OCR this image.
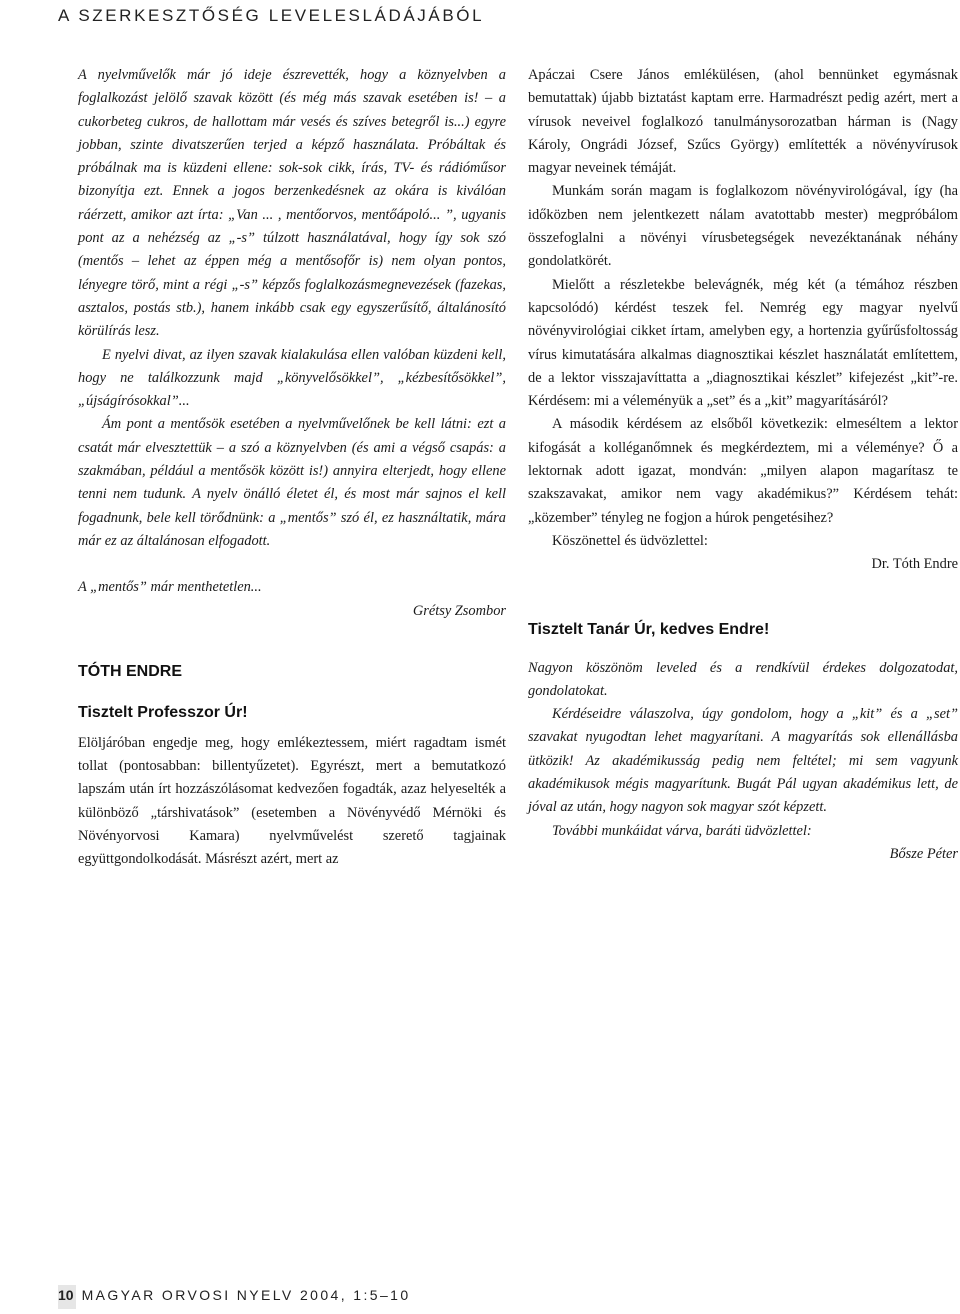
A SZERKESZTŐSÉG LEVELESLÁDÁJÁBÓL

A nyelvművelők már jó ideje észrevették, hogy a köznyelvben a foglalkozást jelölő szavak között (és még más szavak esetében is! – a cukorbeteg cukros, de hallottam már vesés és szíves betegről is...) egyre jobban, szinte divatszerűen terjed a képző használata. Próbáltak és próbálnak ma is küzdeni ellene: sok-sok cikk, írás, TV- és rádióműsor bizonyítja ezt. Ennek a jogos berzenkedésnek az okára is kiválóan ráérzett, amikor azt írta: „Van ... , mentőorvos, mentőápoló... ”, ugyanis pont az a nehézség az „-s” túlzott használatával, hogy így sok szó (mentős – lehet az éppen még a mentősofőr is) nem olyan pontos, lényegre törő, mint a régi „-s” képzős foglalkozásmegnevezések (fazekas, asztalos, postás stb.), hanem inkább csak egy egyszerűsítő, általánosító körülírás lesz.

E nyelvi divat, az ilyen szavak kialakulása ellen valóban küzdeni kell, hogy ne találkozzunk majd „könyvelősökkel”, „kézbesítősökkel”, „újságírósokkal”...

Ám pont a mentősök esetében a nyelvművelőnek be kell látni: ezt a csatát már elvesztettük – a szó a köznyelvben (és ami a végső csapás: a szakmában, például a mentősök között is!) annyira elterjedt, hogy ellene tenni nem tudunk. A nyelv önálló életet él, és most már sajnos el kell fogadnunk, bele kell törődnünk: a „mentős” szó él, ez használtatik, mára már ez az általánosan elfogadott.

A „mentős” már menthetetlen...

Grétsy Zsombor

TÓTH ENDRE

Tisztelt Professzor Úr!

Elöljáróban engedje meg, hogy emlékeztessem, miért ragadtam ismét tollat (pontosabban: billentyűzetet). Egyrészt, mert a bemutatkozó lapszám után írt hozzászólásomat kedvezően fogadták, azaz helyeselték a különböző „társhivatások” (esetemben a Növényvédő Mérnöki és Növényorvosi Kamara) nyelvművelést szerető tagjainak együttgondolkodását. Másrészt azért, mert az

Apáczai Csere János emlékülésen, (ahol bennünket egymásnak bemutattak) újabb biztatást kaptam erre. Harmadrészt pedig azért, mert a vírusok neveivel foglalkozó tanulmánysorozatban hárman is (Nagy Károly, Ongrádi József, Szűcs György) említették a növényvírusok magyar neveinek témáját.

Munkám során magam is foglalkozom növényvirológával, így (ha időközben nem jelentkezett nálam avatottabb mester) megpróbálom összefoglalni a növényi vírusbetegségek nevezéktanának néhány gondolatkörét.

Mielőtt a részletekbe belevágnék, még két (a témához részben kapcsolódó) kérdést teszek fel. Nemrég egy magyar nyelvű növényvirológiai cikket írtam, amelyben egy, a hortenzia gyűrűsfoltosság vírus kimutatására alkalmas diagnosztikai készlet használatát említettem, de a lektor visszajavíttatta a „diagnosztikai készlet” kifejezést „kit”-re. Kérdésem: mi a véleményük a „set” és a „kit” magyarításáról?

A második kérdésem az elsőből következik: elmeséltem a lektor kifogását a kolléganőmnek és megkérdeztem, mi a véleménye? Ő a lektornak adott igazat, mondván: „milyen alapon magarítasz te szakszavakat, amikor nem vagy akadémikus?” Kérdésem tehát: „közember” tényleg ne fogjon a húrok pengetésihez?

Köszönettel és üdvözlettel:

Dr. Tóth Endre

Tisztelt Tanár Úr, kedves Endre!

Nagyon köszönöm leveled és a rendkívül érdekes dolgozatodat, gondolatokat.

Kérdéseidre válaszolva, úgy gondolom, hogy a „kit” és a „set” szavakat nyugodtan lehet magyarítani. A magyarítás sok ellenállásba ütközik! Az akadémikusság pedig nem feltétel; mi sem vagyunk akadémikusok mégis magyarítunk. Bugát Pál ugyan akadémikus lett, de jóval az után, hogy nagyon sok magyar szót képzett.

További munkáidat várva, baráti üdvözlettel:

Bősze Péter

10 MAGYAR ORVOSI NYELV 2004, 1:5–10
